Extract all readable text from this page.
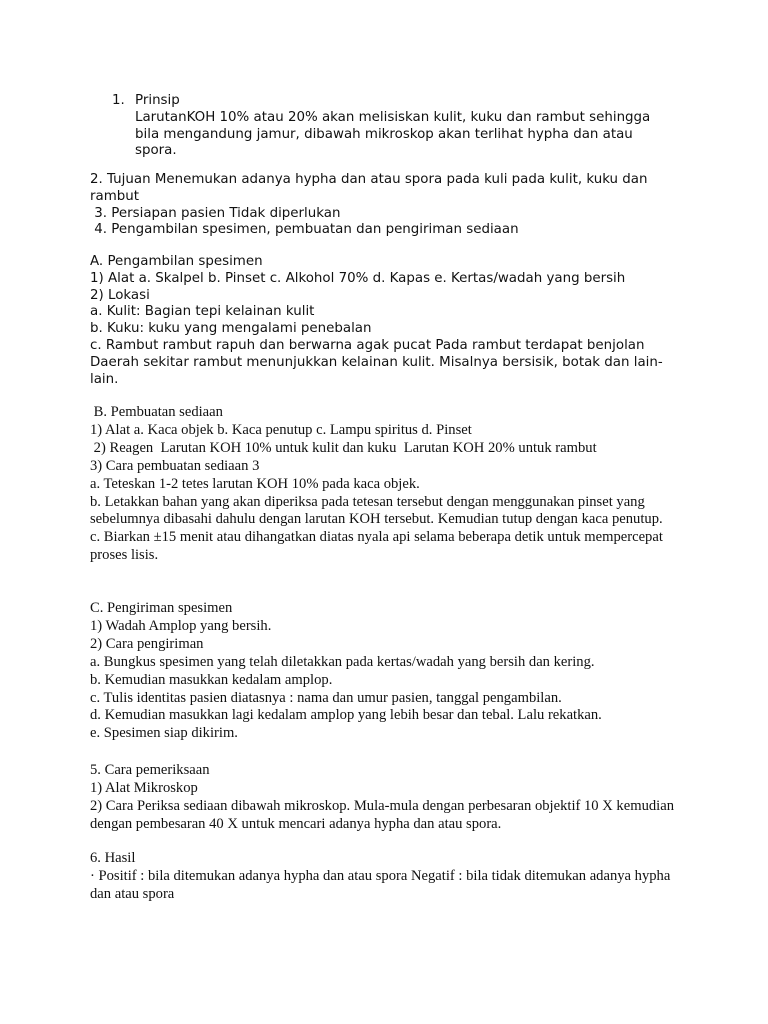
1. Prinsip
LarutanKOH 10% atau 20% akan melisiskan kulit, kuku dan rambut sehingga bila mengandung jamur, dibawah mikroskop akan terlihat hypha dan atau spora.
2. Tujuan Menemukan adanya hypha dan atau spora pada kuli pada kulit, kuku dan rambut
3. Persiapan pasien Tidak diperlukan
4. Pengambilan spesimen, pembuatan dan pengiriman sediaan
A. Pengambilan spesimen
1) Alat a. Skalpel b. Pinset c. Alkohol 70% d. Kapas e. Kertas/wadah yang bersih
2) Lokasi
a. Kulit: Bagian tepi kelainan kulit
b. Kuku: kuku yang mengalami penebalan
c. Rambut rambut rapuh dan berwarna agak pucat Pada rambut terdapat benjolan Daerah sekitar rambut menunjukkan kelainan kulit. Misalnya bersisik, botak dan lain-lain.
B. Pembuatan sediaan
1) Alat a. Kaca objek b. Kaca penutup c. Lampu spiritus d. Pinset
2) Reagen  Larutan KOH 10% untuk kulit dan kuku  Larutan KOH 20% untuk rambut
3) Cara pembuatan sediaan 3
a. Teteskan 1-2 tetes larutan KOH 10% pada kaca objek.
b. Letakkan bahan yang akan diperiksa pada tetesan tersebut dengan menggunakan pinset yang sebelumnya dibasahi dahulu dengan larutan KOH tersebut. Kemudian tutup dengan kaca penutup.
c. Biarkan ±15 menit atau dihangatkan diatas nyala api selama beberapa detik untuk mempercepat proses lisis.
C. Pengiriman spesimen
1) Wadah Amplop yang bersih.
2) Cara pengiriman
a. Bungkus spesimen yang telah diletakkan pada kertas/wadah yang bersih dan kering.
b. Kemudian masukkan kedalam amplop.
c. Tulis identitas pasien diatasnya : nama dan umur pasien, tanggal pengambilan.
d. Kemudian masukkan lagi kedalam amplop yang lebih besar dan tebal. Lalu rekatkan.
e. Spesimen siap dikirim.
5. Cara pemeriksaan
1) Alat Mikroskop
2) Cara Periksa sediaan dibawah mikroskop. Mula-mula dengan perbesaran objektif 10 X kemudian dengan pembesaran 40 X untuk mencari adanya hypha dan atau spora.
6. Hasil
· Positif : bila ditemukan adanya hypha dan atau spora Negatif : bila tidak ditemukan adanya hypha dan atau spora
